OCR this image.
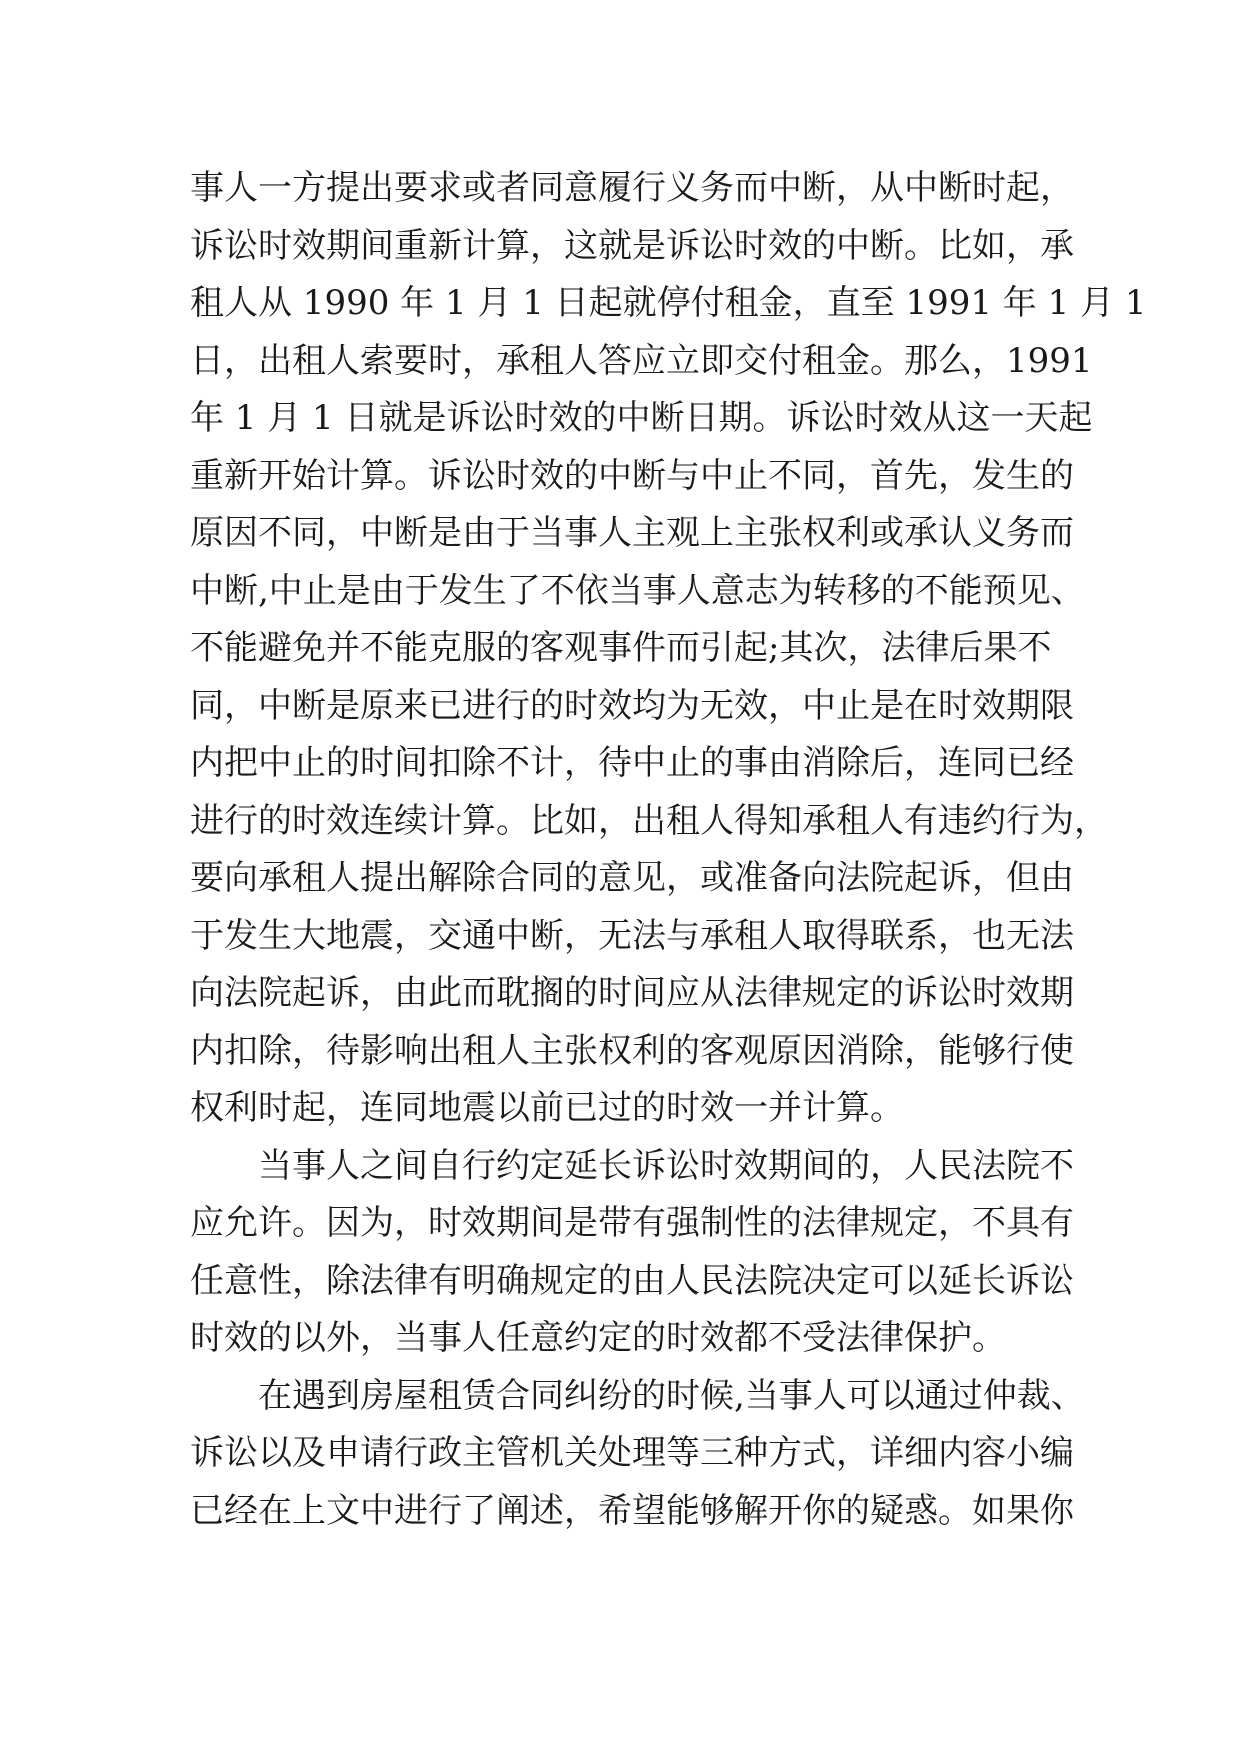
事人一方提出要求或者同意履行义务而中断，从中断时起，
诉讼时效期间重新计算，这就是诉讼时效的中断。比如，承
租人从 1990 年 1 月 1 日起就停付租金，直至 1991 年 1 月 1
日，出租人索要时，承租人答应立即交付租金。那么，1991
年 1 月 1 日就是诉讼时效的中断日期。诉讼时效从这一天起
重新开始计算。诉讼时效的中断与中止不同，首先，发生的
原因不同，中断是由于当事人主观上主张权利或承认义务而
中断,中止是由于发生了不依当事人意志为转移的不能预见、
不能避免并不能克服的客观事件而引起;其次，法律后果不
同，中断是原来已进行的时效均为无效，中止是在时效期限
内把中止的时间扣除不计，待中止的事由消除后，连同已经
进行的时效连续计算。比如，出租人得知承租人有违约行为，
要向承租人提出解除合同的意见，或准备向法院起诉，但由
于发生大地震，交通中断，无法与承租人取得联系，也无法
向法院起诉，由此而耽搁的时间应从法律规定的诉讼时效期
内扣除，待影响出租人主张权利的客观原因消除，能够行使
权利时起，连同地震以前已过的时效一并计算。
当事人之间自行约定延长诉讼时效期间的，人民法院不
应允许。因为，时效期间是带有强制性的法律规定，不具有
任意性，除法律有明确规定的由人民法院决定可以延长诉讼
时效的以外，当事人任意约定的时效都不受法律保护。
在遇到房屋租赁合同纠纷的时候,当事人可以通过仲裁、
诉讼以及申请行政主管机关处理等三种方式，详细内容小编
已经在上文中进行了阐述，希望能够解开你的疑惑。如果你
